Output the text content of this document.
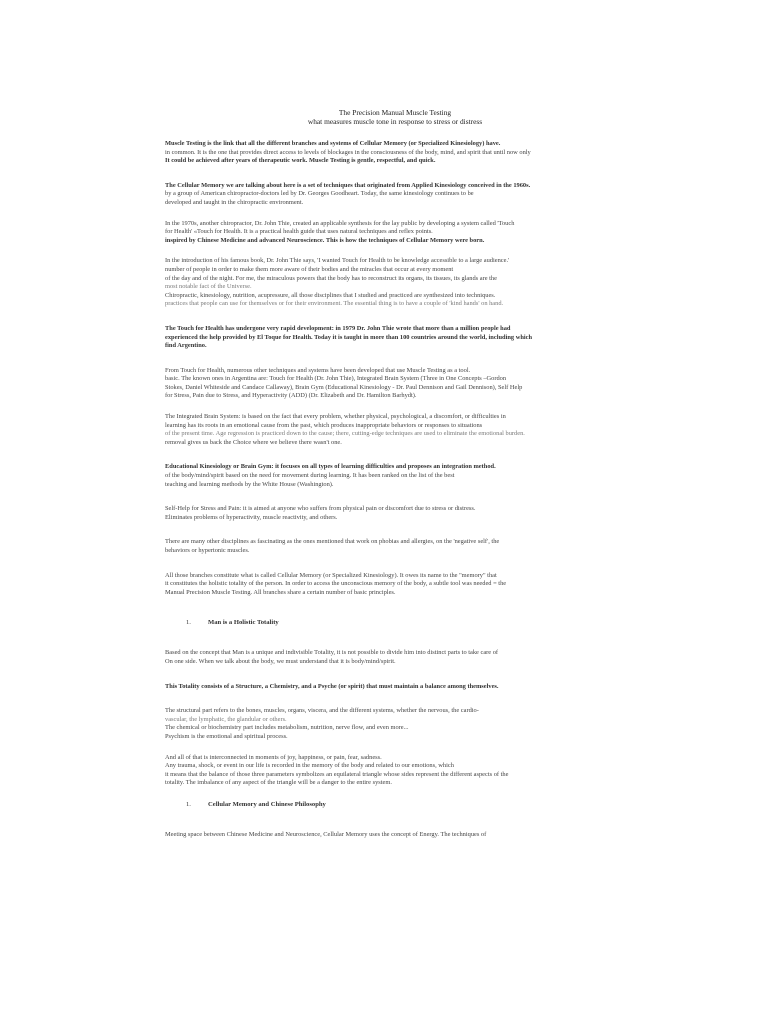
The Precision Manual Muscle Testing
what measures muscle tone in response to stress or distress
Muscle Testing is the link that all the different branches and systems of Cellular Memory (or Specialized Kinesiology) have.
in common. It is the one that provides direct access to levels of blockages in the consciousness of the body, mind, and spirit that until now only
It could be achieved after years of therapeutic work. Muscle Testing is gentle, respectful, and quick.
The Cellular Memory we are talking about here is a set of techniques that originated from Applied Kinesiology conceived in the 1960s.
by a group of American chiropractor-doctors led by Dr. Georges Goodheart. Today, the same kinesiology continues to be
developed and taught in the chiropractic environment.
In the 1970s, another chiropractor, Dr. John Thie, created an applicable synthesis for the lay public by developing a system called 'Touch
for Health' «Touch for Health. It is a practical health guide that uses natural techniques and reflex points.
inspired by Chinese Medicine and advanced Neuroscience. This is how the techniques of Cellular Memory were born.
In the introduction of his famous book, Dr. John Thie says, 'I wanted Touch for Health to be knowledge accessible to a large audience.'
number of people in order to make them more aware of their bodies and the miracles that occur at every moment
of the day and of the night. For me, the miraculous powers that the body has to reconstruct its organs, its tissues, its glands are the
most notable fact of the Universe.
Chiropractic, kinesiology, nutrition, acupressure, all those disciplines that I studied and practiced are synthesized into techniques.
practices that people can use for themselves or for their environment. The essential thing is to have a couple of 'kind hands' on hand.
The Touch for Health has undergone very rapid development: in 1979 Dr. John Thie wrote that more than a million people had
experienced the help provided by El Toque for Health. Today it is taught in more than 100 countries around the world, including which
find Argentino.
From Touch for Health, numerous other techniques and systems have been developed that use Muscle Testing as a tool.
basic. The known ones in Argentina are: Touch for Health (Dr. John Thie), Integrated Brain System (Three in One Concepts –Gordon
Stokes, Daniel Whiteside and Candace Callaway), Brain Gym (Educational Kinesiology - Dr. Paul Dennison and Gail Dennison), Self Help
for Stress, Pain due to Stress, and Hyperactivity (ADD) (Dr. Elizabeth and Dr. Hamilton Barhydt).
The Integrated Brain System: is based on the fact that every problem, whether physical, psychological, a discomfort, or difficulties in
learning has its roots in an emotional cause from the past, which produces inappropriate behaviors or responses to situations
of the present time. Age regression is practiced down to the cause; there, cutting-edge techniques are used to eliminate the emotional burden.
removal gives us back the Choice where we believe there wasn't one.
Educational Kinesiology or Brain Gym: it focuses on all types of learning difficulties and proposes an integration method.
of the body/mind/spirit based on the need for movement during learning. It has been ranked on the list of the best
teaching and learning methods by the White House (Washington).
Self-Help for Stress and Pain: it is aimed at anyone who suffers from physical pain or discomfort due to stress or distress.
Eliminates problems of hyperactivity, muscle reactivity, and others.
There are many other disciplines as fascinating as the ones mentioned that work on phobias and allergies, on the 'negative self', the
behaviors or hypertonic muscles.
All those branches constitute what is called Cellular Memory (or Specialized Kinesiology). It owes its name to the "memory" that
it constitutes the holistic totality of the person. In order to access the unconscious memory of the body, a subtle tool was needed = the
Manual Precision Muscle Testing. All branches share a certain number of basic principles.
1.	Man is a Holistic Totality
Based on the concept that Man is a unique and indivisible Totality, it is not possible to divide him into distinct parts to take care of
On one side. When we talk about the body, we must understand that it is body/mind/spirit.
This Totality consists of a Structure, a Chemistry, and a Psyche (or spirit) that must maintain a balance among themselves.
The structural part refers to the bones, muscles, organs, viscera, and the different systems, whether the nervous, the cardio-
vascular, the lymphatic, the glandular or others.
The chemical or biochemistry part includes metabolism, nutrition, nerve flow, and even more...
Psychism is the emotional and spiritual process.
And all of that is interconnected in moments of joy, happiness, or pain, fear, sadness.
Any trauma, shock, or event in our life is recorded in the memory of the body and related to our emotions, which
it means that the balance of those three parameters symbolizes an equilateral triangle whose sides represent the different aspects of the
totality. The imbalance of any aspect of the triangle will be a danger to the entire system.
1.	Cellular Memory and Chinese Philosophy
Meeting space between Chinese Medicine and Neuroscience, Cellular Memory uses the concept of Energy. The techniques of
